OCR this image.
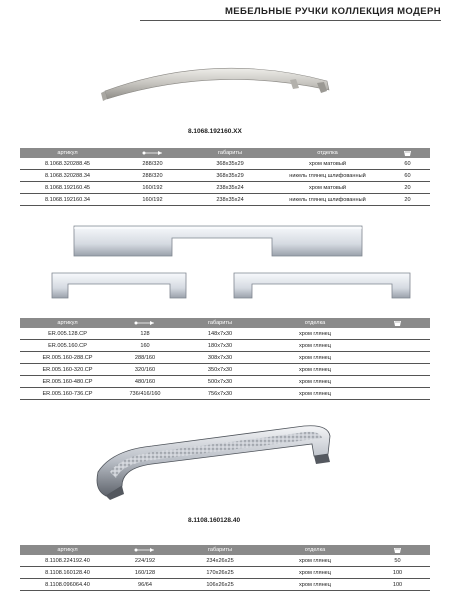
МЕБЕЛЬНЫЕ РУЧКИ КОЛЛЕКЦИЯ МОДЕРН
8.1068.192160.XX
артикул		габариты	отделка	
8.1068.320288.45	288/320	368x35x29	хром матовый	60
8.1068.320288.34	288/320	368x35x29	никель глянец шлифованный	60
8.1068.192160.45	160/192	238x35x24	хром матовый	20
8.1068.192160.34	160/192	238x35x24	никель глянец шлифованный	20
артикул		габариты	отделка	
ER.005.128.CP	128	148x7x30	хром глянец	
ER.005.160.CP	160	180x7x30	хром глянец	
ER.005.160-288.CP	288/160	308x7x30	хром глянец	
ER.005.160-320.CP	320/160	350x7x30	хром глянец	
ER.005.160-480.CP	480/160	500x7x30	хром глянец	
ER.005.160-736.CP	736/416/160	756x7x30	хром глянец	
8.1108.160128.40
артикул		габариты	отделка	
8.1108.224192.40	224/192	234x26x25	хром глянец	50
8.1108.160128.40	160/128	170x26x25	хром глянец	100
8.1108.096064.40	96/64	106x26x25	хром глянец	100
